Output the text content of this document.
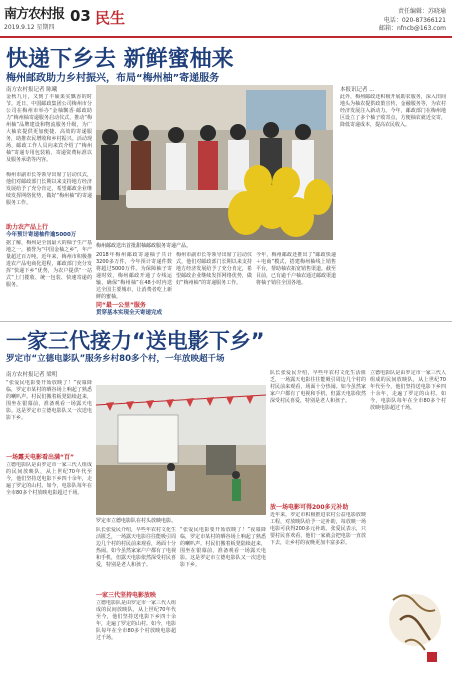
南方农村报
2019.9.12 星期四
03 民生	责任编辑：苏晓瑜
电话：020-87366121
邮箱：nfncb@163.com
快递下乡去 新鲜蜜柚来
梅州邮政助力乡村振兴，布局“梅州柚”寄递服务
南方农村报记者 陈曦
金秋九月，又到了丰硕果实飘香的时节。近日，中国邮政集团公司梅州市分公司在梅州市举办“金柚飘香·邮政助力”梅州柚寄递服务启动仪式，推动“梅州柚”品牌建设和物流服务升级，为广大柚农提供更加便捷、高效的寄递服务，助推农民增收和乡村振兴。活动现场，邮政工作人员向来宾介绍了“梅州柚”寄递专用包装箱、寄递资费标准以及服务承诺等内容。
梅州市副市长等领导出席了启动仪式，他们对邮政部门长期以来支持地方经济发展给予了充分肯定，希望邮政企业继续发挥网络优势，做好“梅州柚”的寄递服务工作。
助力农产品上行
今年预计寄递柚件逾5000万
梅州邮政送出首批甜柚邮政服务寄递产品。
据了解，梅州是全国最大的柚子生产基地之一，被誉为“中国金柚之乡”，年产量超过百万吨。近年来，梅州市积极推进农产品电商化进程，邮政部门充分发挥“快递下乡”优势，为农户提供“一站式”上门揽收、统一包装、快速寄递的服务。
2018年梅州邮政寄递柚子共计3200多万件，今年预计寄递件数将超过5000万件。为保障柚子寄递时效，梅州邮政开通了专线运输，确保“梅州柚”在48小时内送达全国主要城市，让消费者吃上新鲜的蜜柚。
同“最一公里”服务
贯穿基本实现全天寄递完成
梅州市副市长等领导出席了启动仪式，他们对邮政部门长期以来支持地方经济发展给予了充分肯定，希望邮政企业继续发挥网络优势，做好“梅州柚”的寄递服务工作。
今年，梅州邮政还推出了“邮政快递＋电商”模式，搭建梅州柚线上销售平台，帮助柚农拓宽销售渠道。截至目前，已有逾千户柚农通过邮政渠道将柚子销往全国各地。
本报讯记者 ...
此外，梅州邮政还积极开展助农服务，深入田间地头为柚农提供政策宣传、金融服务等，为农村经济发展注入新动力。今年，邮政部门在梅州地区设立了多个柚子收寄点，方便柚农就近交寄，降低寄递成本，提高农民收入。
一家三代接力“送电影下乡”
罗定市“立德电影队”服务乡村80多个村，一年放映超千场
南方农村报记者 梁明
“张爱民电影要开始放映了！”夜幕降临，罗定市某村的晒谷场上响起了熟悉的喇叭声。村民们搬着板凳陆续赶来，围坐在银幕前，准备观看一场露天电影。这是罗定市立德电影队又一次送电影下乡。
一场露天电影看出满“百”
立德电影队是由罗定市一家三代人组成的民间放映队，从上世纪70年代至今，他们坚持送电影下乡四十余年，走遍了罗定的山村。如今，电影队每年在全市80多个村放映电影超过千场。
罗定市立德电影队在村头放映电影。
队长张爱民介绍，早些年农村文化生活匮乏，一场露天电影往往能吸引周边几个村的村民前来观看，场面十分热闹。如今虽然家家户户都有了电视和手机，但露天电影依然深受村民喜爱，特别是老人和孩子。
一家三代坚持电影放映
立德电影队是由罗定市一家三代人组成的民间放映队，从上世纪70年代至今，他们坚持送电影下乡四十余年，走遍了罗定的山村。如今，电影队每年在全市80多个村放映电影超过千场。
“张爱民电影要开始放映了！”夜幕降临，罗定市某村的晒谷场上响起了熟悉的喇叭声。村民们搬着板凳陆续赶来，围坐在银幕前，准备观看一场露天电影。这是罗定市立德电影队又一次送电影下乡。
队长张爱民介绍，早些年农村文化生活匮乏，一场露天电影往往能吸引周边几个村的村民前来观看，场面十分热闹。如今虽然家家户户都有了电视和手机，但露天电影依然深受村民喜爱，特别是老人和孩子。
放一场电影可得200多元补助
近年来，罗定市积极推进农村公益电影放映工程，对放映队给予一定补助，每放映一场电影可获得200多元补助。张爱民表示，只要村民喜欢看，他们一家就会把电影一直放下去，让乡村的夜晚更加丰富多彩。
立德电影队是由罗定市一家三代人组成的民间放映队，从上世纪70年代至今，他们坚持送电影下乡四十余年，走遍了罗定的山村。如今，电影队每年在全市80多个村放映电影超过千场。
